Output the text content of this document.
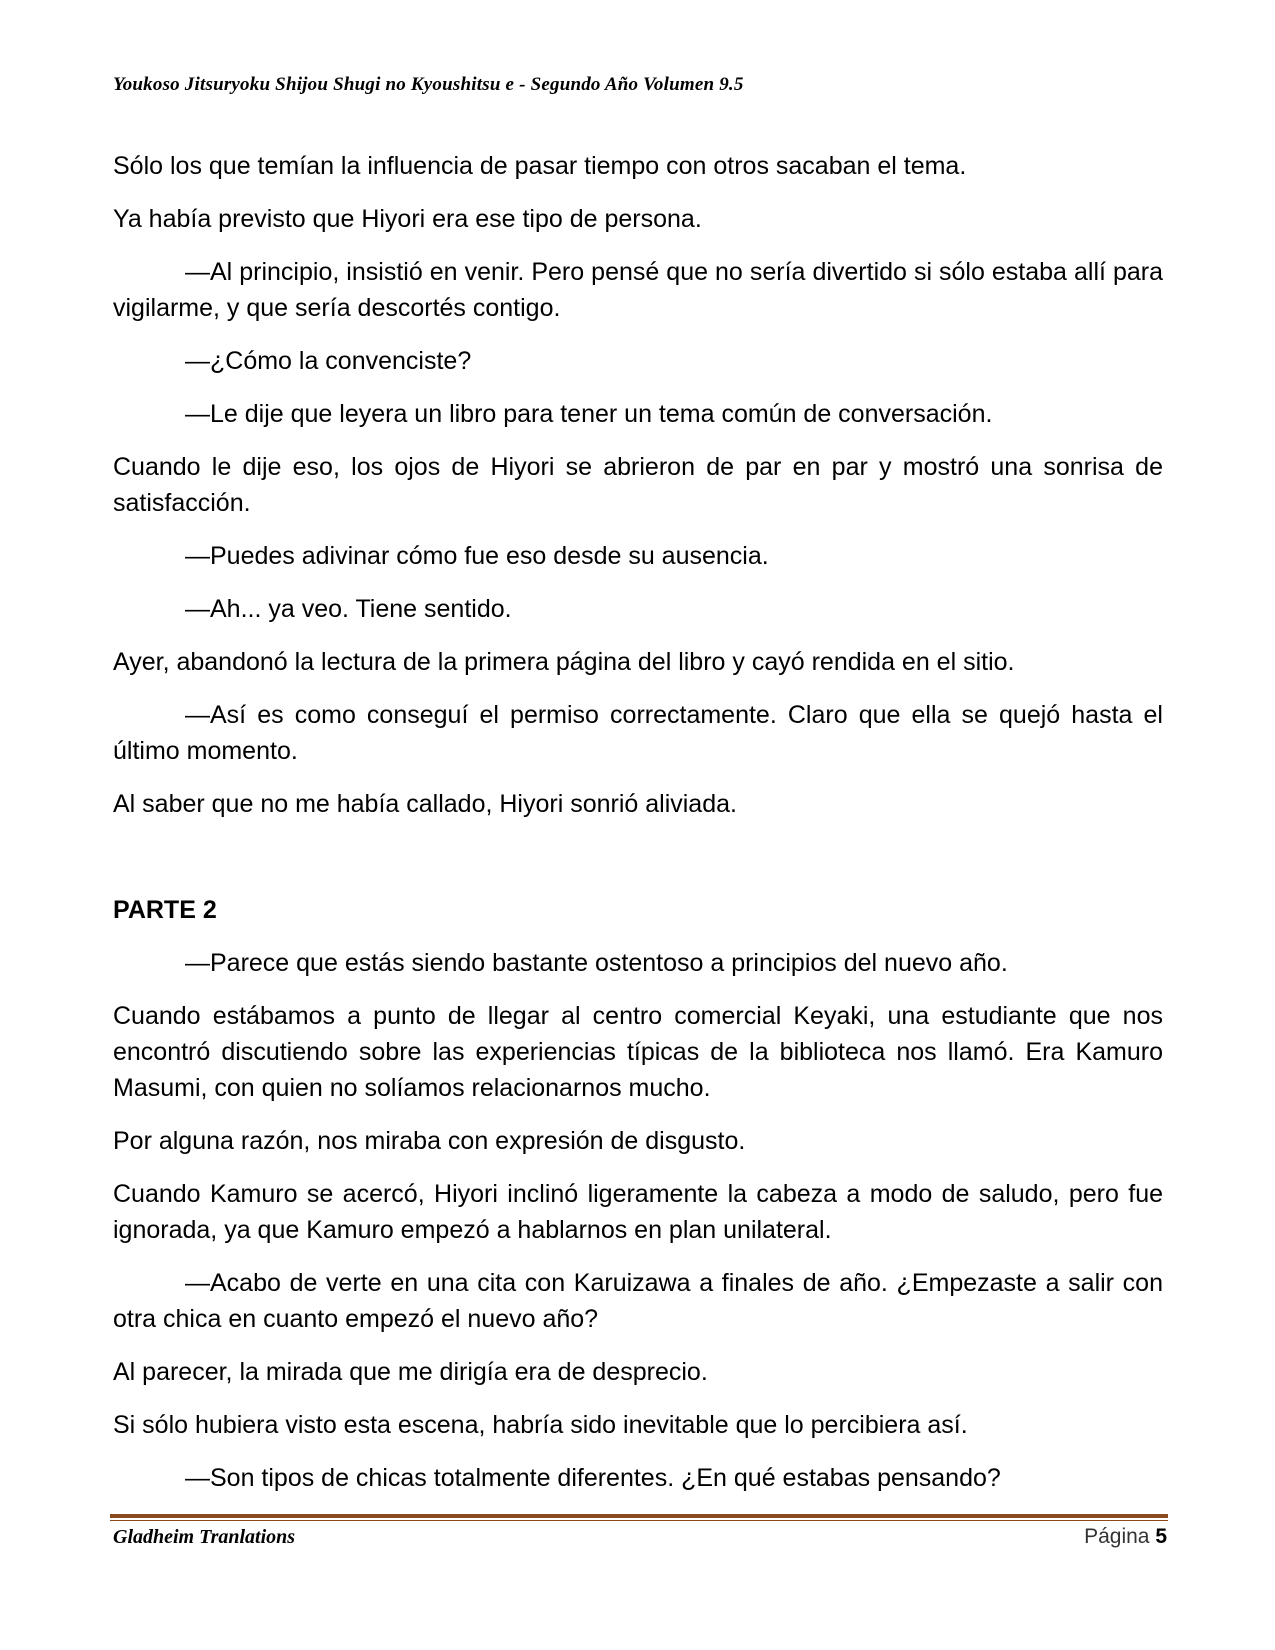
Youkoso Jitsuryoku Shijou Shugi no Kyoushitsu e - Segundo Año Volumen 9.5

Sólo los que temían la influencia de pasar tiempo con otros sacaban el tema.

Ya había previsto que Hiyori era ese tipo de persona.

—Al principio, insistió en venir. Pero pensé que no sería divertido si sólo estaba allí para vigilarme, y que sería descortés contigo.

—¿Cómo la convenciste?

—Le dije que leyera un libro para tener un tema común de conversación.

Cuando le dije eso, los ojos de Hiyori se abrieron de par en par y mostró una sonrisa de satisfacción.

—Puedes adivinar cómo fue eso desde su ausencia.

—Ah... ya veo. Tiene sentido.

Ayer, abandonó la lectura de la primera página del libro y cayó rendida en el sitio.

—Así es como conseguí el permiso correctamente. Claro que ella se quejó hasta el último momento.

Al saber que no me había callado, Hiyori sonrió aliviada.

PARTE 2

—Parece que estás siendo bastante ostentoso a principios del nuevo año.

Cuando estábamos a punto de llegar al centro comercial Keyaki, una estudiante que nos encontró discutiendo sobre las experiencias típicas de la biblioteca nos llamó. Era Kamuro Masumi, con quien no solíamos relacionarnos mucho.

Por alguna razón, nos miraba con expresión de disgusto.

Cuando Kamuro se acercó, Hiyori inclinó ligeramente la cabeza a modo de saludo, pero fue ignorada, ya que Kamuro empezó a hablarnos en plan unilateral.

—Acabo de verte en una cita con Karuizawa a finales de año. ¿Empezaste a salir con otra chica en cuanto empezó el nuevo año?

Al parecer, la mirada que me dirigía era de desprecio.

Si sólo hubiera visto esta escena, habría sido inevitable que lo percibiera así.

—Son tipos de chicas totalmente diferentes. ¿En qué estabas pensando?

Gladheim Tranlations	Página 5
